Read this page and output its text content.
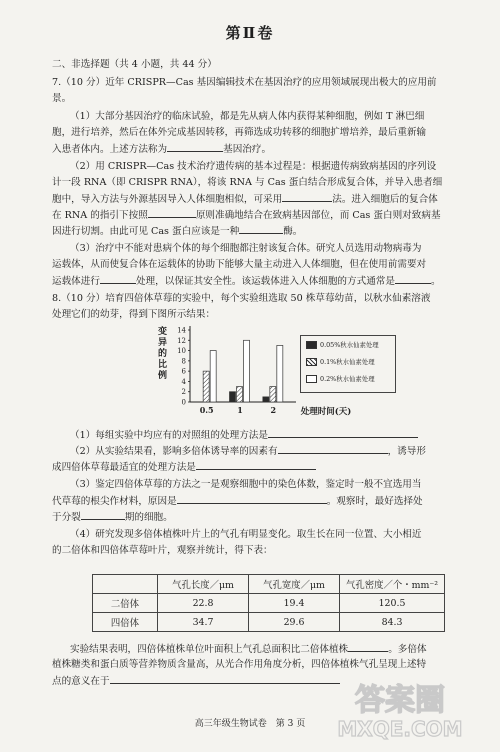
第Ⅱ卷
二、非选择题（共 4 小题，共 44 分）
7.（10 分）近年 CRISPR—Cas 基因编辑技术在基因治疗的应用领域展现出极大的应用前
景。
（1）大部分基因治疗的临床试验，都是先从病人体内获得某种细胞，例如 T 淋巴细
胞，进行培养，然后在体外完成基因转移，再筛选成功转移的细胞扩增培养，最后重新输
入患者体内。上述方法称为	基因治疗。
（2）用 CRISPR—Cas 技术治疗遗传病的基本过程是：根据遗传病致病基因的序列设
计一段 RNA（即 CRISPR RNA），将该 RNA 与 Cas 蛋白结合形成复合体，并导入患者细
胞中，导入方法与外源基因导入人体细胞相似，可采用	法。进入细胞后的复合体
在 RNA 的指引下按照	原则准确地结合在致病基因部位，而 Cas 蛋白则对致病基
因进行切割。由此可见 Cas 蛋白应该是一种	酶。
（3）治疗中不能对患病个体的每个细胞都注射该复合体。研究人员选用动物病毒为
运载体，从而使复合体在运载体的协助下能够大量主动进入人体细胞，但在使用前需要对
运载体进行	处理，以保证其安全性。该运载体进入人体细胞的方式通常是	。
8.（10 分）培育四倍体草莓的实验中，每个实验组选取 50 株草莓幼苗，以秋水仙素溶液
处理它们的幼芽，得到下图所示结果：
变
异
的
比
例
0
2
4
6
8
10
12
14
0.5	1	2	处理时间(天)
0.05%秋水仙素处理
0.1%秋水仙素处理
0.2%秋水仙素处理
（1）每组实验中均应有的对照组的处理方法是
（2）从实验结果看，影响多倍体诱导率的因素有	，诱导形
成四倍体草莓最适宜的处理方法是
（3）鉴定四倍体草莓的方法之一是观察细胞中的染色体数，鉴定时一般不宜选用当
代草莓的根尖作材料，原因是	。观察时，最好选择处
于分裂	期的细胞。
（4）研究发现多倍体植株叶片上的气孔有明显变化。取生长在同一位置、大小相近
的二倍体和四倍体草莓叶片，观察并统计，得下表：
	气孔长度／μm	气孔宽度／μm	气孔密度／个・mm⁻²
二倍体	22.8	19.4	120.5
四倍体	34.7	29.6	84.3
实验结果表明，四倍体植株单位叶面积上气孔总面积比二倍体植株	。多倍体
植株糖类和蛋白质等营养物质含量高，从光合作用角度分析，四倍体植株气孔呈现上述特
点的意义在于
答案圈
MXQE.COM
高三年级生物试卷　第 3 页
